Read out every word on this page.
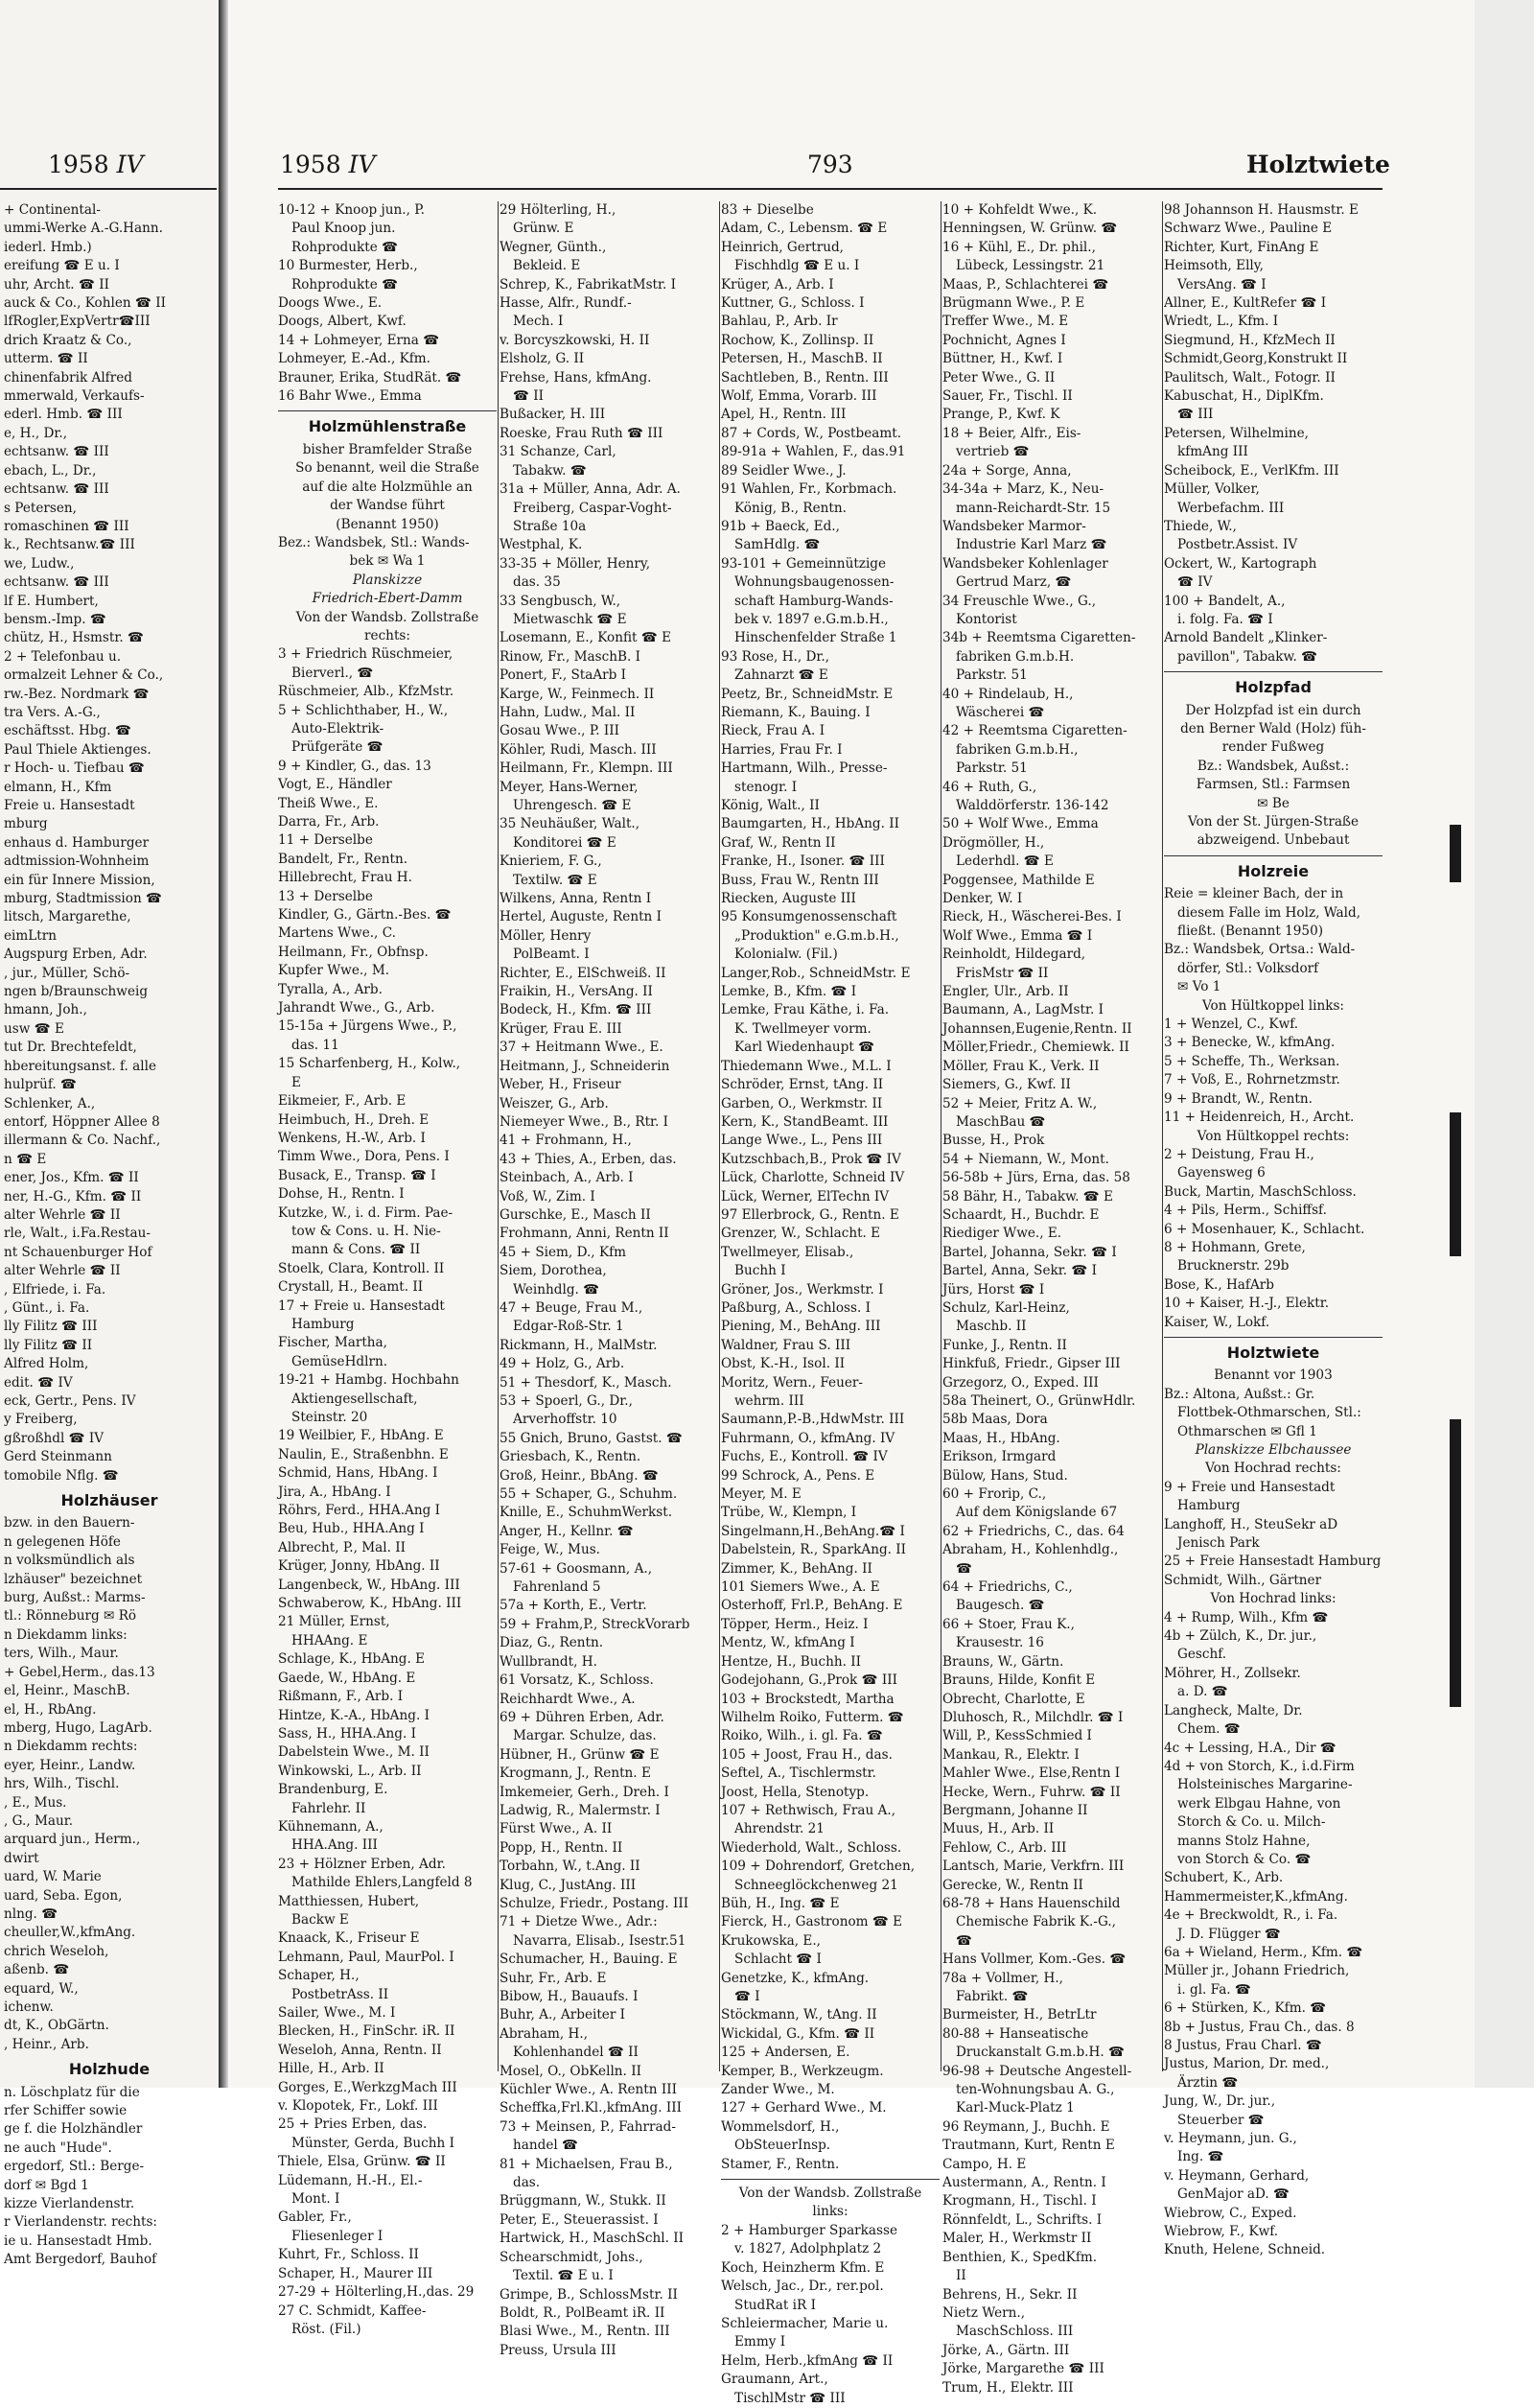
1958 IV
+ Continental-
ummi-Werke A.-G.Hann.
iederl. Hmb.)
ereifung ☎ E u. I
uhr, Archt. ☎ II
auck & Co., Kohlen ☎ II
lfRogler,ExpVertr☎III
drich Kraatz & Co.,
utterm. ☎ II
chinenfabrik Alfred
mmerwald, Verkaufs-
ederl. Hmb. ☎ III
e, H., Dr.,
echtsanw. ☎ III
ebach, L., Dr.,
echtsanw. ☎ III
s Petersen,
romaschinen ☎ III
k., Rechtsanw.☎ III
we, Ludw.,
echtsanw. ☎ III
lf E. Humbert,
bensm.-Imp. ☎
chütz, H., Hsmstr. ☎
2 + Telefonbau u.
ormalzeit Lehner & Co.,
rw.-Bez. Nordmark ☎
tra Vers. A.-G.,
eschäftsst. Hbg. ☎
Paul Thiele Aktienges.
r Hoch- u. Tiefbau ☎
elmann, H., Kfm
Freie u. Hansestadt
mburg
enhaus d. Hamburger
adtmission-Wohnheim
ein für Innere Mission,
mburg, Stadtmission ☎
litsch, Margarethe,
eimLtrn
Augspurg Erben, Adr.
, jur., Müller, Schö-
ngen b/Braunschweig
hmann, Joh.,
usw ☎ E
tut Dr. Brechtefeldt,
hbereitungsanst. f. alle
hulprüf. ☎
Schlenker, A.,
entorf, Höppner Allee 8
illermann & Co. Nachf.,
n ☎ E
ener, Jos., Kfm. ☎ II
ner, H.-G., Kfm. ☎ II
alter Wehrle ☎ II
rle, Walt., i.Fa.Restau-
nt Schauenburger Hof
alter Wehrle ☎ II
, Elfriede, i. Fa.
, Günt., i. Fa.
lly Filitz ☎ III
lly Filitz ☎ II
Alfred Holm,
edit. ☎ IV
eck, Gertr., Pens. IV
y Freiberg,
gßroßhdl ☎ IV
Gerd Steinmann
tomobile Nflg. ☎
Holzhäuser
bzw. in den Bauern-
n gelegenen Höfe
n volksmündlich als
lzhäuser" bezeichnet
burg, Außst.: Marms-
tl.: Rönneburg ✉ Rö
n Diekdamm links:
ters, Wilh., Maur.
+ Gebel,Herm., das.13
el, Heinr., MaschB.
el, H., RbAng.
mberg, Hugo, LagArb.
n Diekdamm rechts:
eyer, Heinr., Landw.
hrs, Wilh., Tischl.
, E., Mus.
, G., Maur.
arquard jun., Herm.,
dwirt
uard, W. Marie
uard, Seba. Egon,
nlng. ☎
cheuller,W.,kfmAng.
chrich Weseloh,
aßenb. ☎
equard, W.,
ichenw.
dt, K., ObGärtn.
, Heinr., Arb.
Holzhude
n. Löschplatz für die
rfer Schiffer sowie
ge f. die Holzhändler
ne auch "Hude".
ergedorf, Stl.: Berge-
dorf ✉ Bgd 1
kizze Vierlandenstr.
r Vierlandenstr. rechts:
ie u. Hansestadt Hmb.
Amt Bergedorf, Bauhof
1958 IV	793	Holztwiete
10-12 + Knoop jun., P.
Paul Knoop jun.
Rohprodukte ☎
10 Burmester, Herb.,
Rohprodukte ☎
Doogs Wwe., E.
Doogs, Albert, Kwf.
14 + Lohmeyer, Erna ☎
Lohmeyer, E.-Ad., Kfm.
Brauner, Erika, StudRät. ☎
16 Bahr Wwe., Emma
Holzmühlenstraße
bisher Bramfelder Straße
So benannt, weil die Straße
auf die alte Holzmühle an
der Wandse führt
(Benannt 1950)
Bez.: Wandsbek, Stl.: Wands-
bek ✉ Wa 1
Planskizze
Friedrich-Ebert-Damm
Von der Wandsb. Zollstraße
rechts:
3 + Friedrich Rüschmeier,
Bierverl., ☎
Rüschmeier, Alb., KfzMstr.
5 + Schlichthaber, H., W.,
Auto-Elektrik-
Prüfgeräte ☎
9 + Kindler, G., das. 13
Vogt, E., Händler
Theiß Wwe., E.
Darra, Fr., Arb.
11 + Derselbe
Bandelt, Fr., Rentn.
Hillebrecht, Frau H.
13 + Derselbe
Kindler, G., Gärtn.-Bes. ☎
Martens Wwe., C.
Heilmann, Fr., Obfnsp.
Kupfer Wwe., M.
Tyralla, A., Arb.
Jahrandt Wwe., G., Arb.
15-15a + Jürgens Wwe., P.,
das. 11
15 Scharfenberg, H., Kolw.,
E
Eikmeier, F., Arb. E
Heimbuch, H., Dreh. E
Wenkens, H.-W., Arb. I
Timm Wwe., Dora, Pens. I
Busack, E., Transp. ☎ I
Dohse, H., Rentn. I
Kutzke, W., i. d. Firm. Pae-
tow & Cons. u. H. Nie-
mann & Cons. ☎ II
Stoelk, Clara, Kontroll. II
Crystall, H., Beamt. II
17 + Freie u. Hansestadt
Hamburg
Fischer, Martha,
GemüseHdlrn.
19-21 + Hambg. Hochbahn
Aktiengesellschaft,
Steinstr. 20
19 Weilbier, F., HbAng. E
Naulin, E., Straßenbhn. E
Schmid, Hans, HbAng. I
Jira, A., HbAng. I
Röhrs, Ferd., HHA.Ang I
Beu, Hub., HHA.Ang I
Albrecht, P., Mal. II
Krüger, Jonny, HbAng. II
Langenbeck, W., HbAng. III
Schwaberow, K., HbAng. III
21 Müller, Ernst,
HHAAng. E
Schlage, K., HbAng. E
Gaede, W., HbAng. E
Rißmann, F., Arb. I
Hintze, K.-A., HbAng. I
Sass, H., HHA.Ang. I
Dabelstein Wwe., M. II
Winkowski, L., Arb. II
Brandenburg, E.
Fahrlehr. II
Kühnemann, A.,
HHA.Ang. III
23 + Hölzner Erben, Adr.
Mathilde Ehlers,Langfeld 8
Matthiessen, Hubert,
Backw E
Knaack, K., Friseur E
Lehmann, Paul, MaurPol. I
Schaper, H.,
PostbetrAss. II
Sailer, Wwe., M. I
Blecken, H., FinSchr. iR. II
Weseloh, Anna, Rentn. II
Hille, H., Arb. II
Gorges, E.,WerkzgMach III
v. Klopotek, Fr., Lokf. III
25 + Pries Erben, das.
Münster, Gerda, Buchh I
Thiele, Elsa, Grünw. ☎ II
Lüdemann, H.-H., El.-
Mont. I
Gabler, Fr.,
Fliesenleger I
Kuhrt, Fr., Schloss. II
Schaper, H., Maurer III
27-29 + Hölterling,H.,das. 29
27 C. Schmidt, Kaffee-
Röst. (Fil.)
29 Hölterling, H.,
Grünw. E
Wegner, Günth.,
Bekleid. E
Schrep, K., FabrikatMstr. I
Hasse, Alfr., Rundf.-
Mech. I
v. Borcyszkowski, H. II
Elsholz, G. II
Frehse, Hans, kfmAng.
☎ II
Bußacker, H. III
Roeske, Frau Ruth ☎ III
31 Schanze, Carl,
Tabakw. ☎
31a + Müller, Anna, Adr. A.
Freiberg, Caspar-Voght-
Straße 10a
Westphal, K.
33-35 + Möller, Henry,
das. 35
33 Sengbusch, W.,
Mietwaschk ☎ E
Losemann, E., Konfit ☎ E
Rinow, Fr., MaschB. I
Ponert, F., StaArb I
Karge, W., Feinmech. II
Hahn, Ludw., Mal. II
Gosau Wwe., P. III
Köhler, Rudi, Masch. III
Heilmann, Fr., Klempn. III
Meyer, Hans-Werner,
Uhrengesch. ☎ E
35 Neuhäußer, Walt.,
Konditorei ☎ E
Knieriem, F. G.,
Textilw. ☎ E
Wilkens, Anna, Rentn I
Hertel, Auguste, Rentn I
Möller, Henry
PolBeamt. I
Richter, E., ElSchweiß. II
Fraikin, H., VersAng. II
Bodeck, H., Kfm. ☎ III
Krüger, Frau E. III
37 + Heitmann Wwe., E.
Heitmann, J., Schneiderin
Weber, H., Friseur
Weiszer, G., Arb.
Niemeyer Wwe., B., Rtr. I
41 + Frohmann, H.,
43 + Thies, A., Erben, das.
Steinbach, A., Arb. I
Voß, W., Zim. I
Gurschke, E., Masch II
Frohmann, Anni, Rentn II
45 + Siem, D., Kfm
Siem, Dorothea,
Weinhdlg. ☎
47 + Beuge, Frau M.,
Edgar-Roß-Str. 1
Rickmann, H., MalMstr.
49 + Holz, G., Arb.
51 + Thesdorf, K., Masch.
53 + Spoerl, G., Dr.,
Arverhoffstr. 10
55 Gnich, Bruno, Gastst. ☎
Griesbach, K., Rentn.
Groß, Heinr., BbAng. ☎
55 + Schaper, G., Schuhm.
Knille, E., SchuhmWerkst.
Anger, H., Kellnr. ☎
Feige, W., Mus.
57-61 + Goosmann, A.,
Fahrenland 5
57a + Korth, E., Vertr.
59 + Frahm,P., StreckVorarb
Diaz, G., Rentn.
Wullbrandt, H.
61 Vorsatz, K., Schloss.
Reichhardt Wwe., A.
69 + Dühren Erben, Adr.
Margar. Schulze, das.
Hübner, H., Grünw ☎ E
Krogmann, J., Rentn. E
Imkemeier, Gerh., Dreh. I
Ladwig, R., Malermstr. I
Fürst Wwe., A. II
Popp, H., Rentn. II
Torbahn, W., t.Ang. II
Klug, C., JustAng. III
Schulze, Friedr., Postang. III
71 + Dietze Wwe., Adr.:
Navarra, Elisab., Isestr.51
Schumacher, H., Bauing. E
Suhr, Fr., Arb. E
Bibow, H., Bauaufs. I
Buhr, A., Arbeiter I
Abraham, H.,
Kohlenhandel ☎ II
Mosel, O., ObKelln. II
Küchler Wwe., A. Rentn III
Scheffka,Frl.Kl.,kfmAng. III
73 + Meinsen, P., Fahrrad-
handel ☎
81 + Michaelsen, Frau B.,
das.
Brüggmann, W., Stukk. II
Peter, E., Steuerassist. I
Hartwick, H., MaschSchl. II
Schearschmidt, Johs.,
Textil. ☎ E u. I
Grimpe, B., SchlossMstr. II
Boldt, R., PolBeamt iR. II
Blasi Wwe., M., Rentn. III
Preuss, Ursula III
83 + Dieselbe
Adam, C., Lebensm. ☎ E
Heinrich, Gertrud,
Fischhdlg ☎ E u. I
Krüger, A., Arb. I
Kuttner, G., Schloss. I
Bahlau, P., Arb. Ir
Rochow, K., Zollinsp. II
Petersen, H., MaschB. II
Sachtleben, B., Rentn. III
Wolf, Emma, Vorarb. III
Apel, H., Rentn. III
87 + Cords, W., Postbeamt.
89-91a + Wahlen, F., das.91
89 Seidler Wwe., J.
91 Wahlen, Fr., Korbmach.
König, B., Rentn.
91b + Baeck, Ed.,
SamHdlg. ☎
93-101 + Gemeinnützige
Wohnungsbaugenossen-
schaft Hamburg-Wands-
bek v. 1897 e.G.m.b.H.,
Hinschenfelder Straße 1
93 Rose, H., Dr.,
Zahnarzt ☎ E
Peetz, Br., SchneidMstr. E
Riemann, K., Bauing. I
Rieck, Frau A. I
Harries, Frau Fr. I
Hartmann, Wilh., Presse-
stenogr. I
König, Walt., II
Baumgarten, H., HbAng. II
Graf, W., Rentn II
Franke, H., Isoner. ☎ III
Buss, Frau W., Rentn III
Riecken, Auguste III
95 Konsumgenossenschaft
„Produktion" e.G.m.b.H.,
Kolonialw. (Fil.)
Langer,Rob., SchneidMstr. E
Lemke, B., Kfm. ☎ I
Lemke, Frau Käthe, i. Fa.
K. Twellmeyer vorm.
Karl Wiedenhaupt ☎
Thiedemann Wwe., M.L. I
Schröder, Ernst, tAng. II
Garben, O., Werkmstr. II
Kern, K., StandBeamt. III
Lange Wwe., L., Pens III
Kutzschbach,B., Prok ☎ IV
Lück, Charlotte, Schneid IV
Lück, Werner, ElTechn IV
97 Ellerbrock, G., Rentn. E
Grenzer, W., Schlacht. E
Twellmeyer, Elisab.,
Buchh I
Gröner, Jos., Werkmstr. I
Paßburg, A., Schloss. I
Piening, M., BehAng. III
Waldner, Frau S. III
Obst, K.-H., Isol. II
Moritz, Wern., Feuer-
wehrm. III
Saumann,P.-B.,HdwMstr. III
Fuhrmann, O., kfmAng. IV
Fuchs, E., Kontroll. ☎ IV
99 Schrock, A., Pens. E
Meyer, M. E
Trübe, W., Klempn, I
Singelmann,H.,BehAng.☎ I
Dabelstein, R., SparkAng. II
Zimmer, K., BehAng. II
101 Siemers Wwe., A. E
Osterhoff, Frl.P., BehAng. E
Töpper, Herm., Heiz. I
Mentz, W., kfmAng I
Hentze, H., Buchh. II
Godejohann, G.,Prok ☎ III
103 + Brockstedt, Martha
Wilhelm Roiko, Futterm. ☎
Roiko, Wilh., i. gl. Fa. ☎
105 + Joost, Frau H., das.
Seftel, A., Tischlermstr.
Joost, Hella, Stenotyp.
107 + Rethwisch, Frau A.,
Ahrendstr. 21
Wiederhold, Walt., Schloss.
109 + Dohrendorf, Gretchen,
Schneeglöckchenweg 21
Büh, H., Ing. ☎ E
Fierck, H., Gastronom ☎ E
Krukowska, E.,
Schlacht ☎ I
Genetzke, K., kfmAng.
☎ I
Stöckmann, W., tAng. II
Wickidal, G., Kfm. ☎ II
125 + Andersen, E.
Kemper, B., Werkzeugm.
Zander Wwe., M.
127 + Gerhard Wwe., M.
Wommelsdorf, H.,
ObSteuerInsp.
Stamer, F., Rentn.
Von der Wandsb. Zollstraße
links:
2 + Hamburger Sparkasse
v. 1827, Adolphplatz 2
Koch, Heinzherm Kfm. E
Welsch, Jac., Dr., rer.pol.
StudRat iR I
Schleiermacher, Marie u.
Emmy I
Helm, Herb.,kfmAng ☎ II
Graumann, Art.,
TischlMstr ☎ III
10 + Kohfeldt Wwe., K.
Henningsen, W. Grünw. ☎
16 + Kühl, E., Dr. phil.,
Lübeck, Lessingstr. 21
Maas, P., Schlachterei ☎
Brügmann Wwe., P. E
Treffer Wwe., M. E
Pochnicht, Agnes I
Büttner, H., Kwf. I
Peter Wwe., G. II
Sauer, Fr., Tischl. II
Prange, P., Kwf. K
18 + Beier, Alfr., Eis-
vertrieb ☎
24a + Sorge, Anna,
34-34a + Marz, K., Neu-
mann-Reichardt-Str. 15
Wandsbeker Marmor-
Industrie Karl Marz ☎
Wandsbeker Kohlenlager
Gertrud Marz, ☎
34 Freuschle Wwe., G.,
Kontorist
34b + Reemtsma Cigaretten-
fabriken G.m.b.H.
Parkstr. 51
40 + Rindelaub, H.,
Wäscherei ☎
42 + Reemtsma Cigaretten-
fabriken G.m.b.H.,
Parkstr. 51
46 + Ruth, G.,
Walddörferstr. 136-142
50 + Wolf Wwe., Emma
Drögmöller, H.,
Lederhdl. ☎ E
Poggensee, Mathilde E
Denker, W. I
Rieck, H., Wäscherei-Bes. I
Wolf Wwe., Emma ☎ I
Reinholdt, Hildegard,
FrisMstr ☎ II
Engler, Ulr., Arb. II
Baumann, A., LagMstr. I
Johannsen,Eugenie,Rentn. II
Möller,Friedr., Chemiewk. II
Möller, Frau K., Verk. II
Siemers, G., Kwf. II
52 + Meier, Fritz A. W.,
MaschBau ☎
Busse, H., Prok
54 + Niemann, W., Mont.
56-58b + Jürs, Erna, das. 58
58 Bähr, H., Tabakw. ☎ E
Schaardt, H., Buchdr. E
Riediger Wwe., E.
Bartel, Johanna, Sekr. ☎ I
Bartel, Anna, Sekr. ☎ I
Jürs, Horst ☎ I
Schulz, Karl-Heinz,
Maschb. II
Funke, J., Rentn. II
Hinkfuß, Friedr., Gipser III
Grzegorz, O., Exped. III
58a Theinert, O., GrünwHdlr.
58b Maas, Dora
Maas, H., HbAng.
Erikson, Irmgard
Bülow, Hans, Stud.
60 + Frorip, C.,
Auf dem Königslande 67
62 + Friedrichs, C., das. 64
Abraham, H., Kohlenhdlg.,
☎
64 + Friedrichs, C.,
Baugesch. ☎
66 + Stoer, Frau K.,
Krausestr. 16
Brauns, W., Gärtn.
Brauns, Hilde, Konfit E
Obrecht, Charlotte, E
Dluhosch, R., Milchdlr. ☎ I
Will, P., KessSchmied I
Mankau, R., Elektr. I
Mahler Wwe., Else,Rentn I
Hecke, Wern., Fuhrw. ☎ II
Bergmann, Johanne II
Muus, H., Arb. II
Fehlow, C., Arb. III
Lantsch, Marie, Verkfrn. III
Gerecke, W., Rentn II
68-78 + Hans Hauenschild
Chemische Fabrik K.-G.,
☎
Hans Vollmer, Kom.-Ges. ☎
78a + Vollmer, H.,
Fabrikt. ☎
Burmeister, H., BetrLtr
80-88 + Hanseatische
Druckanstalt G.m.b.H. ☎
96-98 + Deutsche Angestell-
ten-Wohnungsbau A. G.,
Karl-Muck-Platz 1
96 Reymann, J., Buchh. E
Trautmann, Kurt, Rentn E
Campo, H. E
Austermann, A., Rentn. I
Krogmann, H., Tischl. I
Rönnfeldt, L., Schrifts. I
Maler, H., Werkmstr II
Benthien, K., SpedKfm.
II
Behrens, H., Sekr. II
Nietz Wern.,
MaschSchloss. III
Jörke, A., Gärtn. III
Jörke, Margarethe ☎ III
Trum, H., Elektr. III
98 Johannson H. Hausmstr. E
Schwarz Wwe., Pauline E
Richter, Kurt, FinAng E
Heimsoth, Elly,
VersAng. ☎ I
Allner, E., KultRefer ☎ I
Wriedt, L., Kfm. I
Siegmund, H., KfzMech II
Schmidt,Georg,Konstrukt II
Paulitsch, Walt., Fotogr. II
Kabuschat, H., DiplKfm.
☎ III
Petersen, Wilhelmine,
kfmAng III
Scheibock, E., VerlKfm. III
Müller, Volker,
Werbefachm. III
Thiede, W.,
Postbetr.Assist. IV
Ockert, W., Kartograph
☎ IV
100 + Bandelt, A.,
i. folg. Fa. ☎ I
Arnold Bandelt „Klinker-
pavillon", Tabakw. ☎
Holzpfad
Der Holzpfad ist ein durch
den Berner Wald (Holz) füh-
render Fußweg
Bz.: Wandsbek, Außst.:
Farmsen, Stl.: Farmsen
✉ Be
Von der St. Jürgen-Straße
abzweigend. Unbebaut
Holzreie
Reie = kleiner Bach, der in
diesem Falle im Holz, Wald,
fließt. (Benannt 1950)
Bz.: Wandsbek, Ortsa.: Wald-
dörfer, Stl.: Volksdorf
✉ Vo 1
Von Hültkoppel links:
1 + Wenzel, C., Kwf.
3 + Benecke, W., kfmAng.
5 + Scheffe, Th., Werksan.
7 + Voß, E., Rohrnetzmstr.
9 + Brandt, W., Rentn.
11 + Heidenreich, H., Archt.
Von Hültkoppel rechts:
2 + Deistung, Frau H.,
Gayensweg 6
Buck, Martin, MaschSchloss.
4 + Pils, Herm., Schiffsf.
6 + Mosenhauer, K., Schlacht.
8 + Hohmann, Grete,
Brucknerstr. 29b
Bose, K., HafArb
10 + Kaiser, H.-J., Elektr.
Kaiser, W., Lokf.
Holztwiete
Benannt vor 1903
Bz.: Altona, Außst.: Gr.
Flottbek-Othmarschen, Stl.:
Othmarschen ✉ Gfl 1
Planskizze Elbchaussee
Von Hochrad rechts:
9 + Freie und Hansestadt
Hamburg
Langhoff, H., SteuSekr aD
Jenisch Park
25 + Freie Hansestadt Hamburg
Schmidt, Wilh., Gärtner
Von Hochrad links:
4 + Rump, Wilh., Kfm ☎
4b + Zülch, K., Dr. jur.,
Geschf.
Möhrer, H., Zollsekr.
a. D. ☎
Langheck, Malte, Dr.
Chem. ☎
4c + Lessing, H.A., Dir ☎
4d + von Storch, K., i.d.Firm
Holsteinisches Margarine-
werk Elbgau Hahne, von
Storch & Co. u. Milch-
manns Stolz Hahne,
von Storch & Co. ☎
Schubert, K., Arb.
Hammermeister,K.,kfmAng.
4e + Breckwoldt, R., i. Fa.
J. D. Flügger ☎
6a + Wieland, Herm., Kfm. ☎
Müller jr., Johann Friedrich,
i. gl. Fa. ☎
6 + Stürken, K., Kfm. ☎
8b + Justus, Frau Ch., das. 8
8 Justus, Frau Charl. ☎
Justus, Marion, Dr. med.,
Ärztin ☎
Jung, W., Dr. jur.,
Steuerber ☎
v. Heymann, jun. G.,
Ing. ☎
v. Heymann, Gerhard,
GenMajor aD. ☎
Wiebrow, C., Exped.
Wiebrow, F., Kwf.
Knuth, Helene, Schneid.
